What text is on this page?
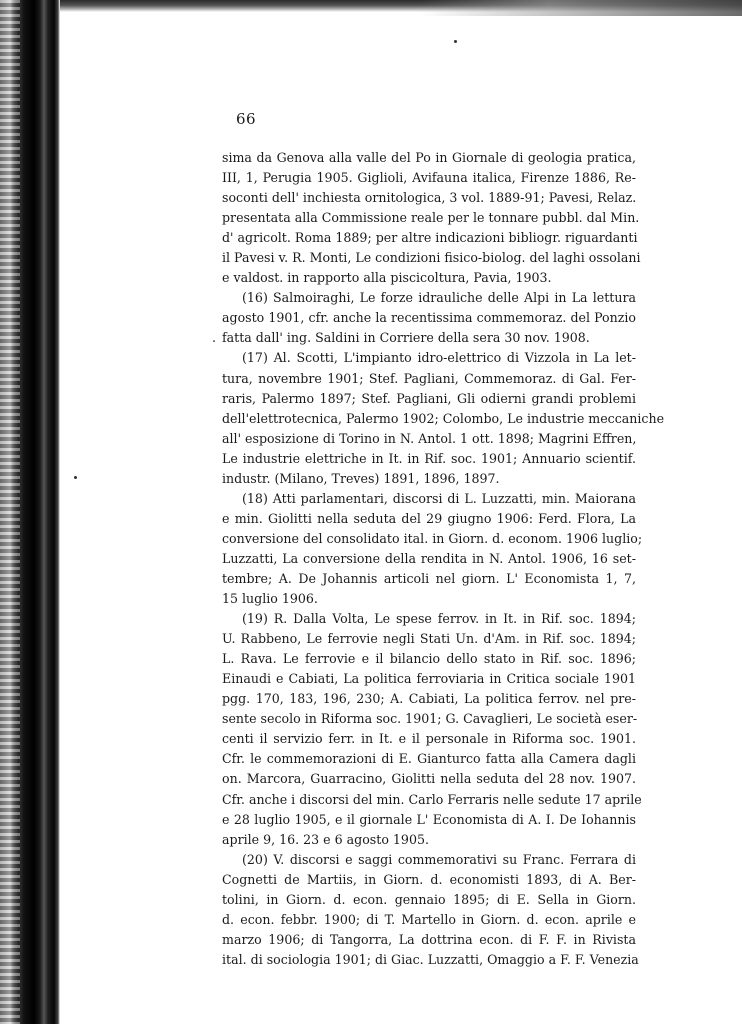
66
sima da Genova alla valle del Po in Giornale di geologia pratica,
III, 1, Perugia 1905. Giglioli, Avifauna italica, Firenze 1886, Re-
soconti dell' inchiesta ornitologica, 3 vol. 1889-91; Pavesi, Relaz.
presentata alla Commissione reale per le tonnare pubbl. dal Min.
d' agricolt. Roma 1889; per altre indicazioni bibliogr. riguardanti
il Pavesi v. R. Monti, Le condizioni fisico-biolog. del laghi ossolani
e valdost. in rapporto alla piscicoltura, Pavia, 1903.
(16) Salmoiraghi, Le forze idrauliche delle Alpi in La lettura
agosto 1901, cfr. anche la recentissima commemoraz. del Ponzio
fatta dall' ing. Saldini in Corriere della sera 30 nov. 1908.
.
(17) Al. Scotti, L'impianto idro-elettrico di Vizzola in La let-
tura, novembre 1901; Stef. Pagliani, Commemoraz. di Gal. Fer-
raris, Palermo 1897; Stef. Pagliani, Gli odierni grandi problemi
dell'elettrotecnica, Palermo 1902; Colombo, Le industrie meccaniche
all' esposizione di Torino in N. Antol. 1 ott. 1898; Magrini Effren,
Le industrie elettriche in It. in Rif. soc. 1901; Annuario scientif.
industr. (Milano, Treves) 1891, 1896, 1897.
(18) Atti parlamentari, discorsi di L. Luzzatti, min. Maiorana
e min. Giolitti nella seduta del 29 giugno 1906: Ferd. Flora, La
conversione del consolidato ital. in Giorn. d. econom. 1906 luglio;
Luzzatti, La conversione della rendita in N. Antol. 1906, 16 set-
tembre; A. De Johannis articoli nel giorn. L' Economista 1, 7,
15 luglio 1906.
(19) R. Dalla Volta, Le spese ferrov. in It. in Rif. soc. 1894;
U. Rabbeno, Le ferrovie negli Stati Un. d'Am. in Rif. soc. 1894;
L. Rava. Le ferrovie e il bilancio dello stato in Rif. soc. 1896;
Einaudi e Cabiati, La politica ferroviaria in Critica sociale 1901
pgg. 170, 183, 196, 230; A. Cabiati, La politica ferrov. nel pre-
sente secolo in Riforma soc. 1901; G. Cavaglieri, Le società eser-
centi il servizio ferr. in It. e il personale in Riforma soc. 1901.
Cfr. le commemorazioni di E. Gianturco fatta alla Camera dagli
on. Marcora, Guarracino, Giolitti nella seduta del 28 nov. 1907.
Cfr. anche i discorsi del min. Carlo Ferraris nelle sedute 17 aprile
e 28 luglio 1905, e il giornale L' Economista di A. I. De Iohannis
aprile 9, 16. 23 e 6 agosto 1905.
(20) V. discorsi e saggi commemorativi su Franc. Ferrara di
Cognetti de Martiis, in Giorn. d. economisti 1893, di A. Ber-
tolini, in Giorn. d. econ. gennaio 1895; di E. Sella in Giorn.
d. econ. febbr. 1900; di T. Martello in Giorn. d. econ. aprile e
marzo 1906; di Tangorra, La dottrina econ. di F. F. in Rivista
ital. di sociologia 1901; di Giac. Luzzatti, Omaggio a F. F. Venezia
